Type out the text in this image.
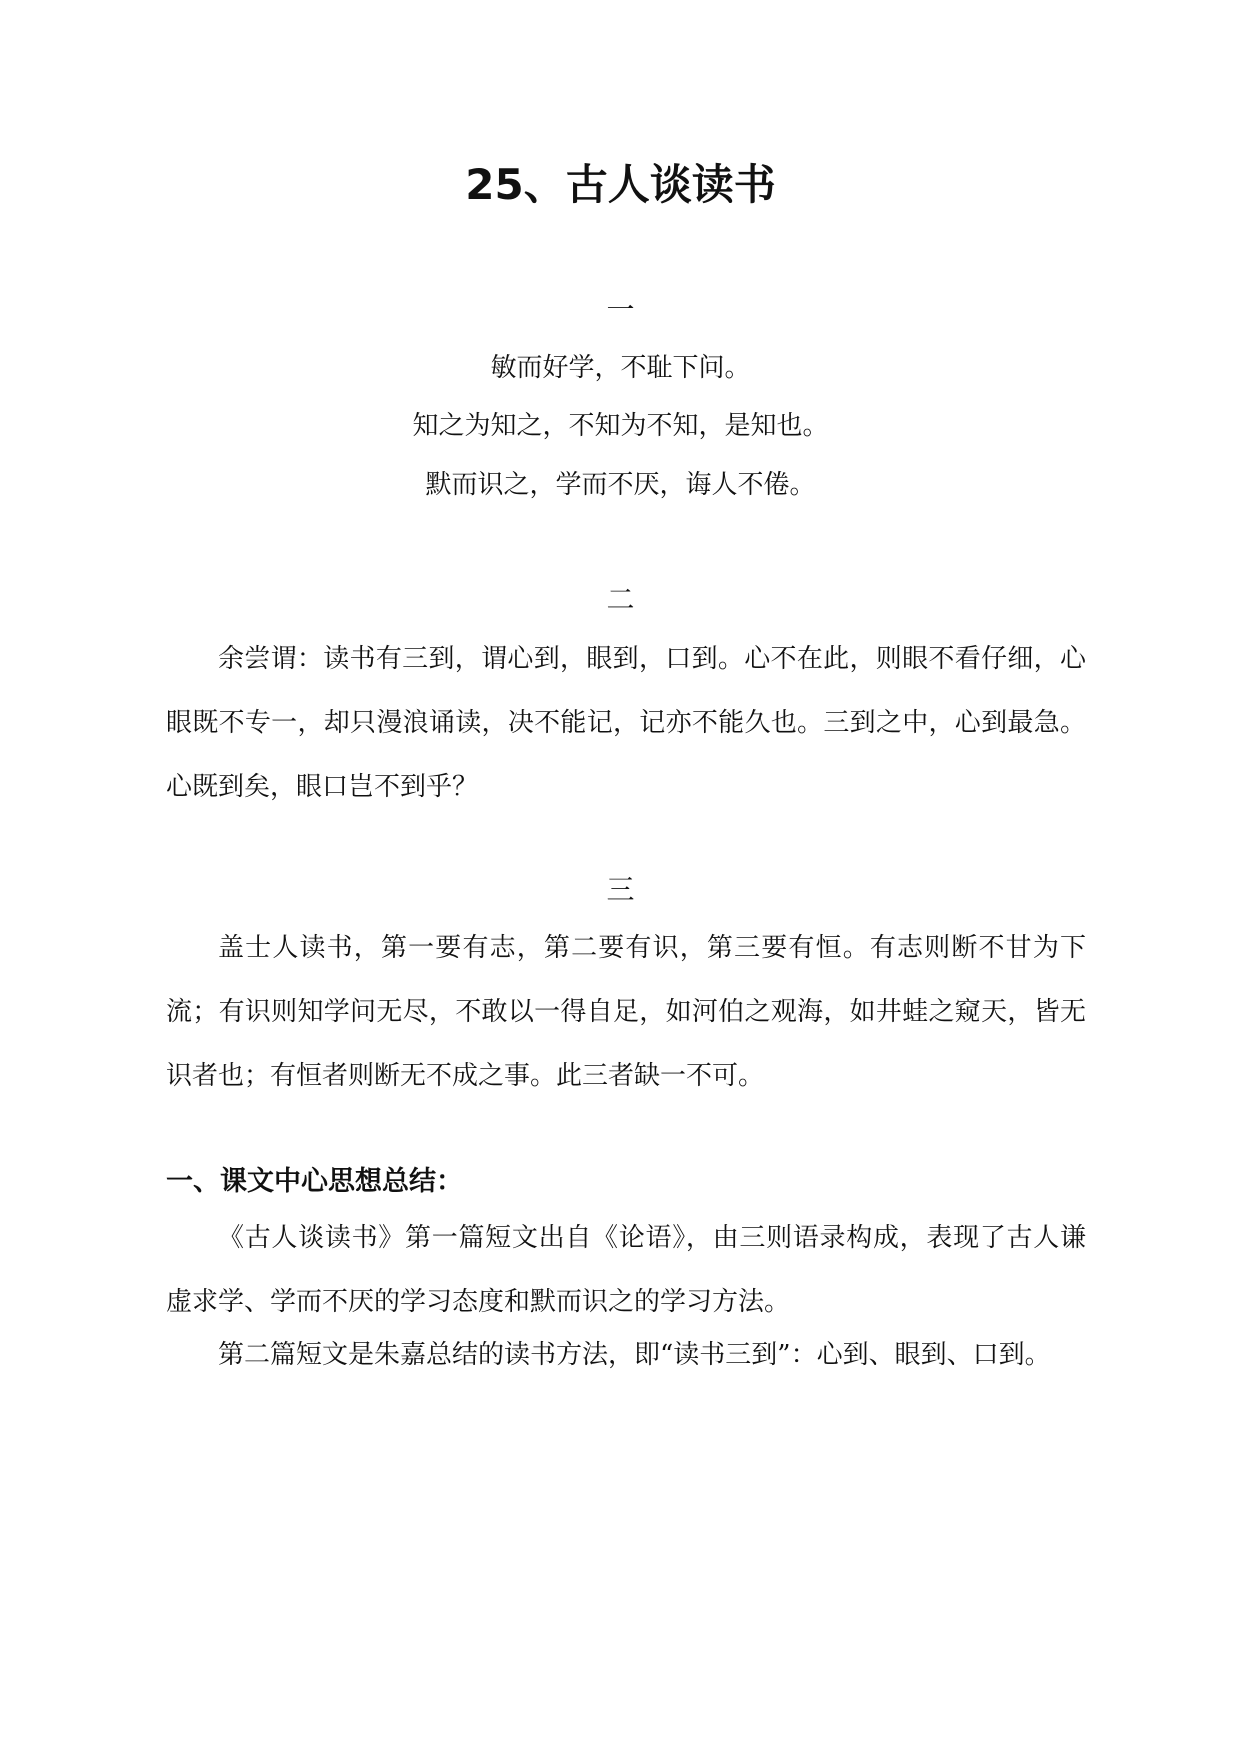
25、古人谈读书
一

敏而好学，不耻下问。

知之为知之，不知为不知，是知也。

默而识之，学而不厌，诲人不倦。

二

余尝谓：读书有三到，谓心到，眼到，口到。心不在此，则眼不看仔细，心眼既不专一，却只漫浪诵读，决不能记，记亦不能久也。三到之中，心到最急。心既到矣，眼口岂不到乎？

三

盖士人读书，第一要有志，第二要有识，第三要有恒。有志则断不甘为下流；有识则知学问无尽，不敢以一得自足，如河伯之观海，如井蛙之窥天，皆无识者也；有恒者则断无不成之事。此三者缺一不可。

一、课文中心思想总结：

《古人谈读书》第一篇短文出自《论语》，由三则语录构成，表现了古人谦虚求学、学而不厌的学习态度和默而识之的学习方法。

第二篇短文是朱嘉总结的读书方法，即“读书三到”：心到、眼到、口到。
